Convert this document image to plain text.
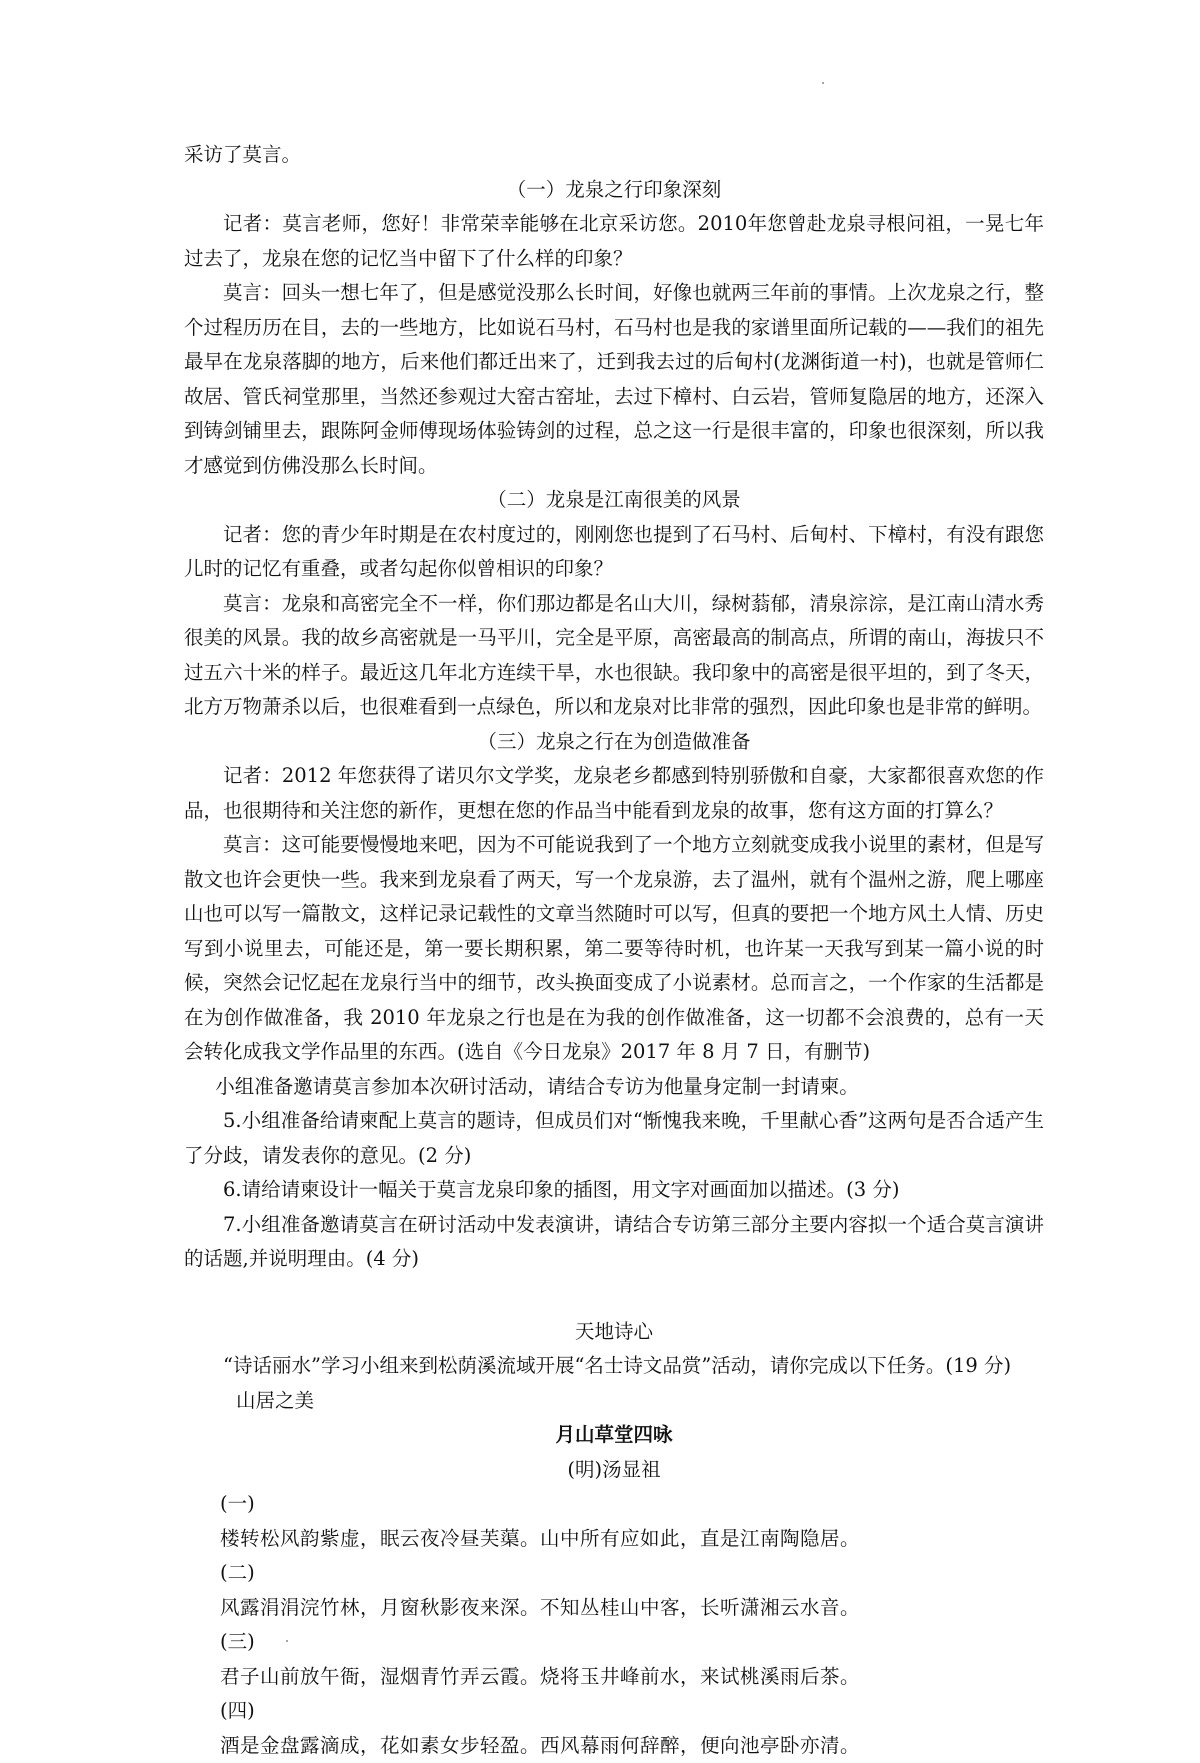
采访了莫言。

（一）龙泉之行印象深刻

记者：莫言老师，您好！非常荣幸能够在北京采访您。2010年您曾赴龙泉寻根问祖，一晃七年过去了，龙泉在您的记忆当中留下了什么样的印象？

莫言：回头一想七年了，但是感觉没那么长时间，好像也就两三年前的事情。上次龙泉之行，整个过程历历在目，去的一些地方，比如说石马村，石马村也是我的家谱里面所记载的——我们的祖先最早在龙泉落脚的地方，后来他们都迁出来了，迁到我去过的后甸村(龙渊街道一村)，也就是管师仁故居、管氏祠堂那里，当然还参观过大窑古窑址，去过下樟村、白云岩，管师复隐居的地方，还深入到铸剑铺里去，跟陈阿金师傅现场体验铸剑的过程，总之这一行是很丰富的，印象也很深刻，所以我才感觉到仿佛没那么长时间。

（二）龙泉是江南很美的风景

记者：您的青少年时期是在农村度过的，刚刚您也提到了石马村、后甸村、下樟村，有没有跟您儿时的记忆有重叠，或者勾起你似曾相识的印象？

莫言：龙泉和高密完全不一样，你们那边都是名山大川，绿树蓊郁，清泉淙淙，是江南山清水秀很美的风景。我的故乡高密就是一马平川，完全是平原，高密最高的制高点，所谓的南山，海拔只不过五六十米的样子。最近这几年北方连续干旱，水也很缺。我印象中的高密是很平坦的，到了冬天，北方万物萧杀以后，也很难看到一点绿色，所以和龙泉对比非常的强烈，因此印象也是非常的鲜明。

（三）龙泉之行在为创造做准备

记者：2012 年您获得了诺贝尔文学奖，龙泉老乡都感到特别骄傲和自豪，大家都很喜欢您的作品，也很期待和关注您的新作，更想在您的作品当中能看到龙泉的故事，您有这方面的打算么？

莫言：这可能要慢慢地来吧，因为不可能说我到了一个地方立刻就变成我小说里的素材，但是写散文也许会更快一些。我来到龙泉看了两天，写一个龙泉游，去了温州，就有个温州之游，爬上哪座山也可以写一篇散文，这样记录记载性的文章当然随时可以写，但真的要把一个地方风土人情、历史写到小说里去，可能还是，第一要长期积累，第二要等待时机，也许某一天我写到某一篇小说的时候，突然会记忆起在龙泉行当中的细节，改头换面变成了小说素材。总而言之，一个作家的生活都是在为创作做准备，我 2010 年龙泉之行也是在为我的创作做准备，这一切都不会浪费的，总有一天会转化成我文学作品里的东西。(选自《今日龙泉》2017 年 8 月 7 日，有删节)

小组准备邀请莫言参加本次研讨活动，请结合专访为他量身定制一封请柬。

5.小组准备给请柬配上莫言的题诗，但成员们对“惭愧我来晚，千里献心香”这两句是否合适产生了分歧，请发表你的意见。(2 分)

6.请给请柬设计一幅关于莫言龙泉印象的插图，用文字对画面加以描述。(3 分)

7.小组准备邀请莫言在研讨活动中发表演讲，请结合专访第三部分主要内容拟一个适合莫言演讲的话题,并说明理由。(4 分)

天地诗心

“诗话丽水”学习小组来到松荫溪流域开展“名士诗文品赏”活动，请你完成以下任务。(19 分)

山居之美

月山草堂四咏

(明)汤显祖

(一)

楼转松风韵紫虚，眠云夜冷昼芙蕖。山中所有应如此，直是江南陶隐居。

(二)

风露涓涓浣竹林，月窗秋影夜来深。不知丛桂山中客，长听潇湘云水音。

(三)

君子山前放午衙，湿烟青竹弄云霞。烧将玉井峰前水，来试桃溪雨后茶。

(四)

酒是金盘露滴成，花如素女步轻盈。西风幕雨何辞醉，便向池亭卧亦清。
